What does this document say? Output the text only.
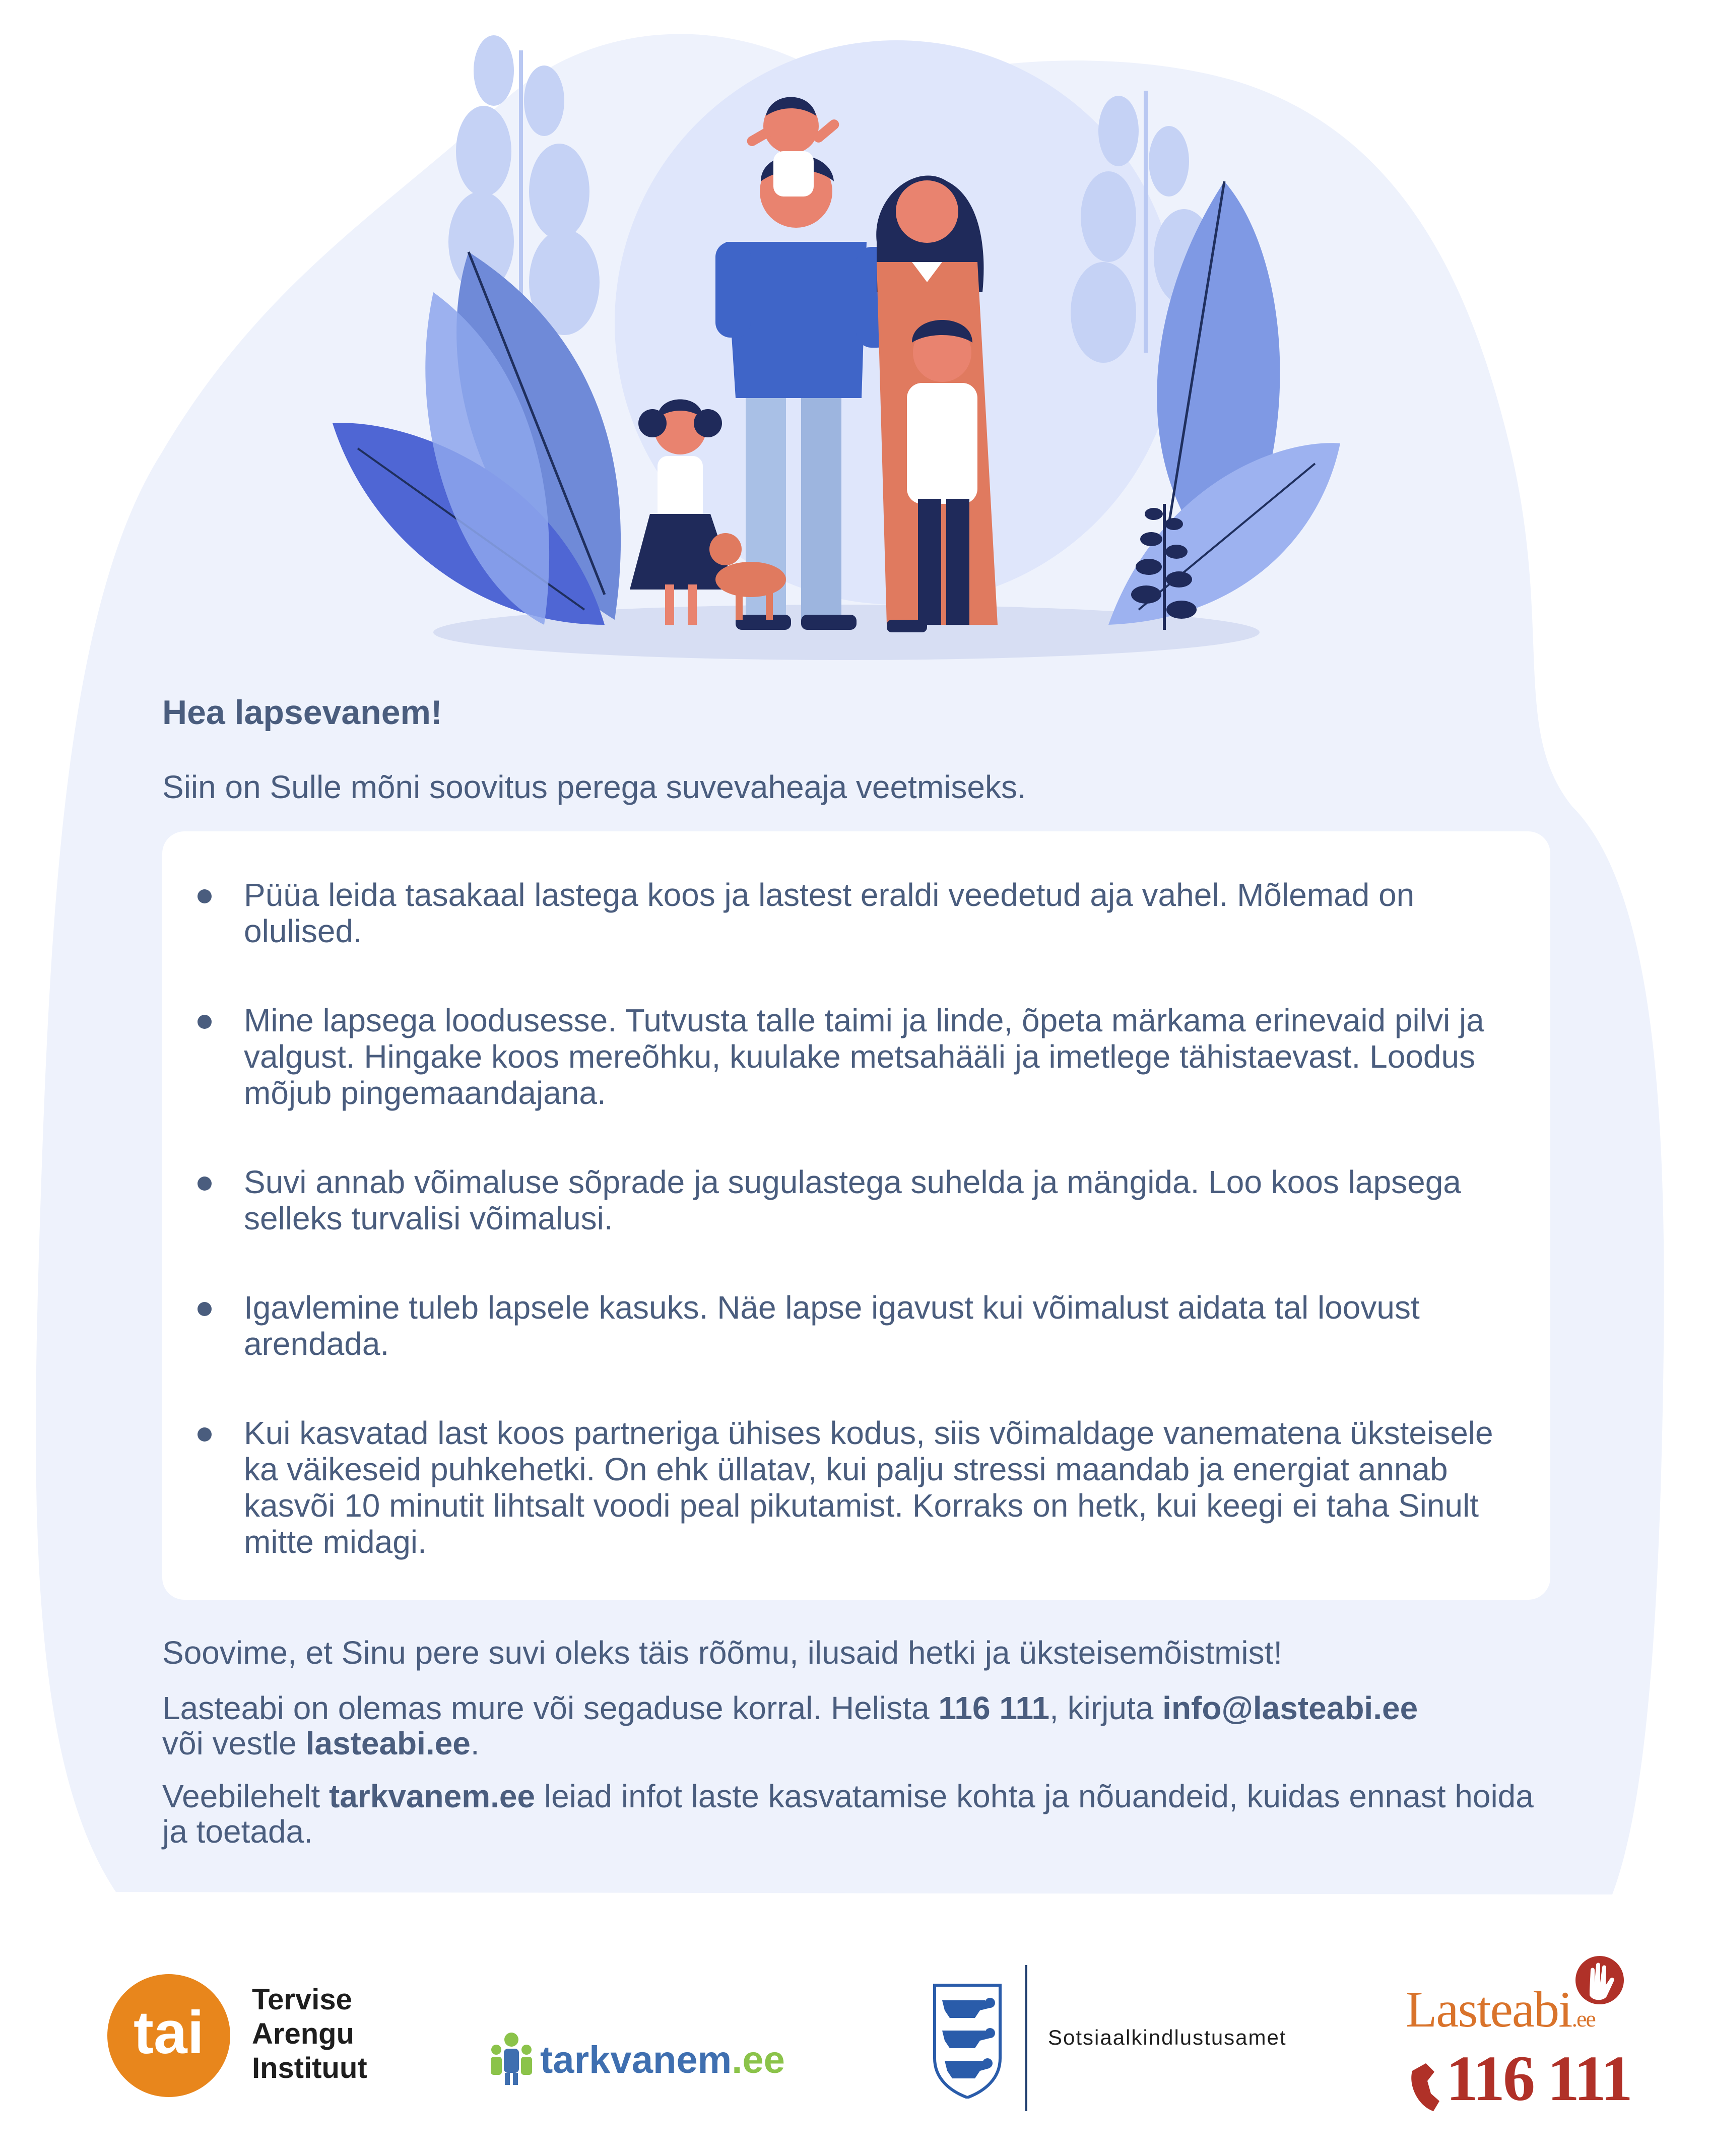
Hea lapsevanem!

Siin on Sulle mõni soovitus perega suvevaheaja veetmiseks.

Püüa leida tasakaal lastega koos ja lastest eraldi veedetud aja vahel. Mõlemad on olulised.
Mine lapsega loodusesse. Tutvusta talle taimi ja linde, õpeta märkama erinevaid pilvi ja valgust. Hingake koos mereõhku, kuulake metsahääli ja imetlege tähistaevast. Loodus mõjub pingemaandajana.
Suvi annab võimaluse sõprade ja sugulastega suhelda ja mängida. Loo koos lapsega selleks turvalisi võimalusi.
Igavlemine tuleb lapsele kasuks. Näe lapse igavust kui võimalust aidata tal loovust arendada.
Kui kasvatad last koos partneriga ühises kodus, siis võimaldage vanematena üksteisele ka väikeseid puhkehetki. On ehk üllatav, kui palju stressi maandab ja energiat annab kasvõi 10 minutit lihtsalt voodi peal pikutamist. Korraks on hetk, kui keegi ei taha Sinult mitte midagi.

Soovime, et Sinu pere suvi oleks täis rõõmu, ilusaid hetki ja üksteisemõistmist!

Lasteabi on olemas mure või segaduse korral. Helista 116 111, kirjuta info@lasteabi.ee
või vestle lasteabi.ee.

Veebilehelt tarkvanem.ee leiad infot laste kasvatamise kohta ja nõuandeid, kuidas ennast hoida ja toetada.

tai Tervise
Arengu
Instituut	tarkvanem.ee
Sotsiaalkindlustusamet Lasteabi.ee
116 111
